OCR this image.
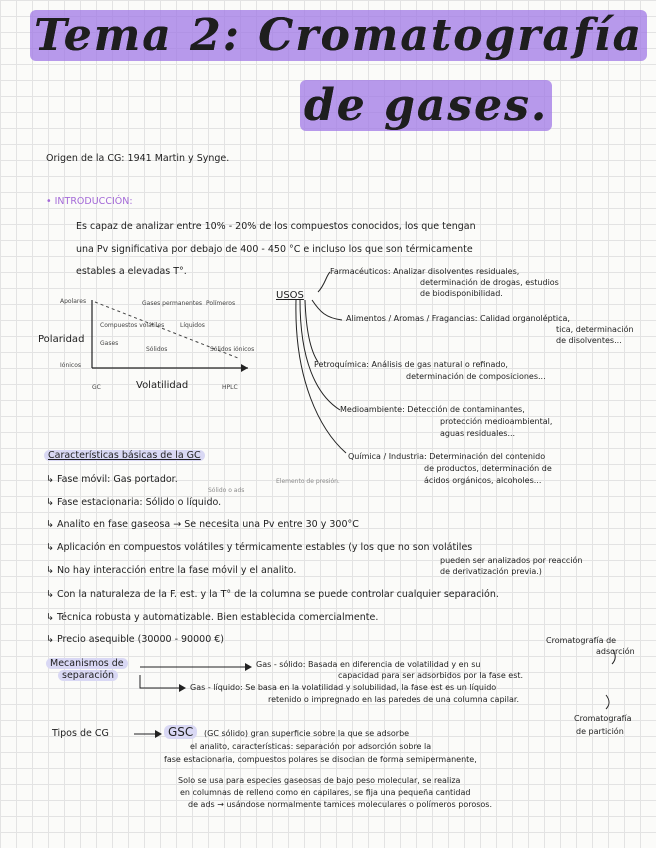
Tema 2: Cromatografía
de gases.
Origen de la CG: 1941 Martin y Synge.
• INTRODUCCIÓN:
Es capaz de analizar entre 10% - 20% de los compuestos conocidos, los que tengan
una Pv significativa por debajo de 400 - 450 °C e incluso los que son térmicamente
estables a elevadas T°.
Apolares
Iónicos
Polaridad
GC	Volatilidad	HPLC
Gases permanentes
Compuestos volátiles
Gases
Polímeros
Líquidos
Sólidos	Sólidos iónicos
USOS
Farmacéuticos: Analizar disolventes residuales,
determinación de drogas, estudios
de biodisponibilidad.
Alimentos / Aromas / Fragancias: Calidad organoléptica,
tica, determinación
de disolventes...
Petroquímica: Análisis de gas natural o refinado,
determinación de composiciones...
Medioambiente: Detección de contaminantes,
protección medioambiental,
aguas residuales...
Química / Industria: Determinación del contenido
de productos, determinación de
ácidos orgánicos, alcoholes...
Características básicas de la GC
↳ Fase móvil: Gas portador.	Elemento de presión.
↳ Fase estacionaria: Sólido o líquido.
Sólido o ads
↳ Analito en fase gaseosa → Se necesita una Pv entre 30 y 300°C
↳ Aplicación en compuestos volátiles y térmicamente estables (y los que no son volátiles
pueden ser analizados por reacción
de derivatización previa.)
↳ No hay interacción entre la fase móvil y el analito.
↳ Con la naturaleza de la F. est. y la T° de la columna se puede controlar cualquier separación.
↳ Técnica robusta y automatizable. Bien establecida comercialmente.
↳ Precio asequible (30000 - 90000 €)
Mecanismos de
separación
Gas - sólido: Basada en diferencia de volatilidad y en su
capacidad para ser adsorbidos por la fase est.
Cromatografía de
adsorción
Gas - líquido: Se basa en la volatilidad y solubilidad, la fase est es un líquido
retenido o impregnado en las paredes de una columna capilar.
Cromatografía
de partición
Tipos de CG	GSC	(GC sólido) gran superficie sobre la que se adsorbe
el analito, características: separación por adsorción sobre la
fase estacionaria, compuestos polares se disocian de forma semipermanente,
Solo se usa para especies gaseosas de bajo peso molecular, se realiza
en columnas de relleno como en capilares, se fija una pequeña cantidad
de ads → usándose normalmente tamices moleculares o polímeros porosos.
